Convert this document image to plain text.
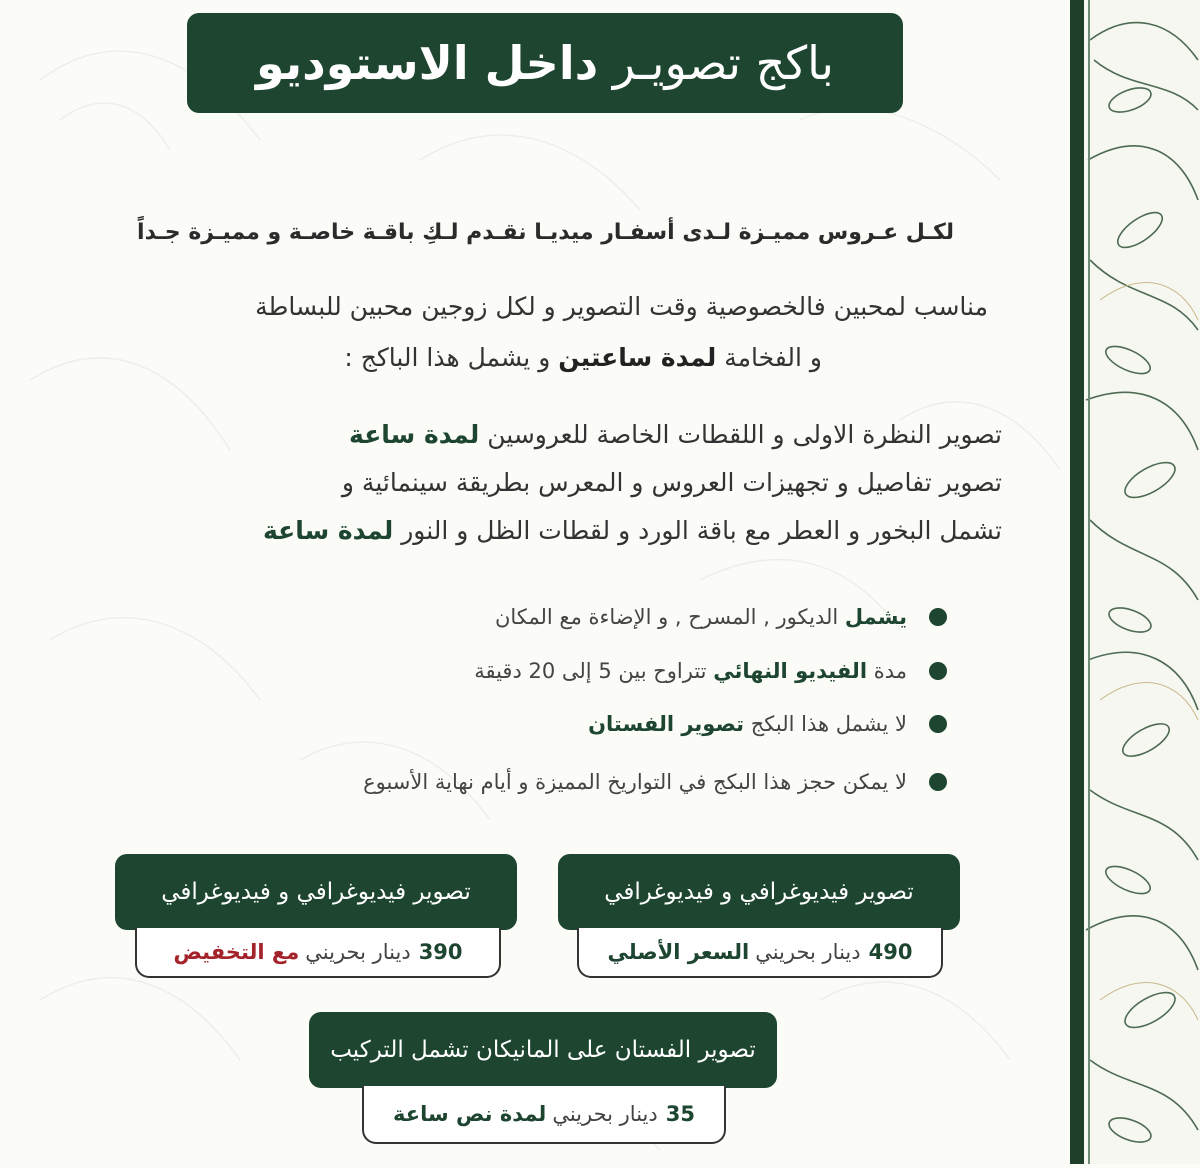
باكج تصويـر داخل الاستوديو
لكـل عـروس مميـزة لـدى أسفـار ميديـا نقـدم لـكِ باقـة خاصـة و مميـزة جـداً
مناسب لمحبين فالخصوصية وقت التصوير و لكل زوجين محبين للبساطة
و الفخامة لمدة ساعتين و يشمل هذا الباكج :
تصوير النظرة الاولى و اللقطات الخاصة للعروسين لمدة ساعة
تصوير تفاصيل و تجهيزات العروس و المعرس بطريقة سينمائية و
تشمل البخور و العطر مع باقة الورد و لقطات الظل و النور لمدة ساعة
يشمل

الديكور , المسرح , و الإضاءة مع المكان
مدة

الفيديو النهائي

تتراوح بين 5 إلى 20 دقيقة
لا يشمل هذا البكج

تصوير الفستان
لا يمكن حجز هذا البكج في التواريخ المميزة و أيام نهاية الأسبوع
تصوير فيديوغرافي و فيديوغرافي
490
دينار بحريني
السعر الأصلي
تصوير فيديوغرافي و فيديوغرافي
390
دينار بحريني
مع التخفيض
تصوير الفستان على المانيكان تشمل التركيب
35
دينار بحريني
لمدة نص ساعة
